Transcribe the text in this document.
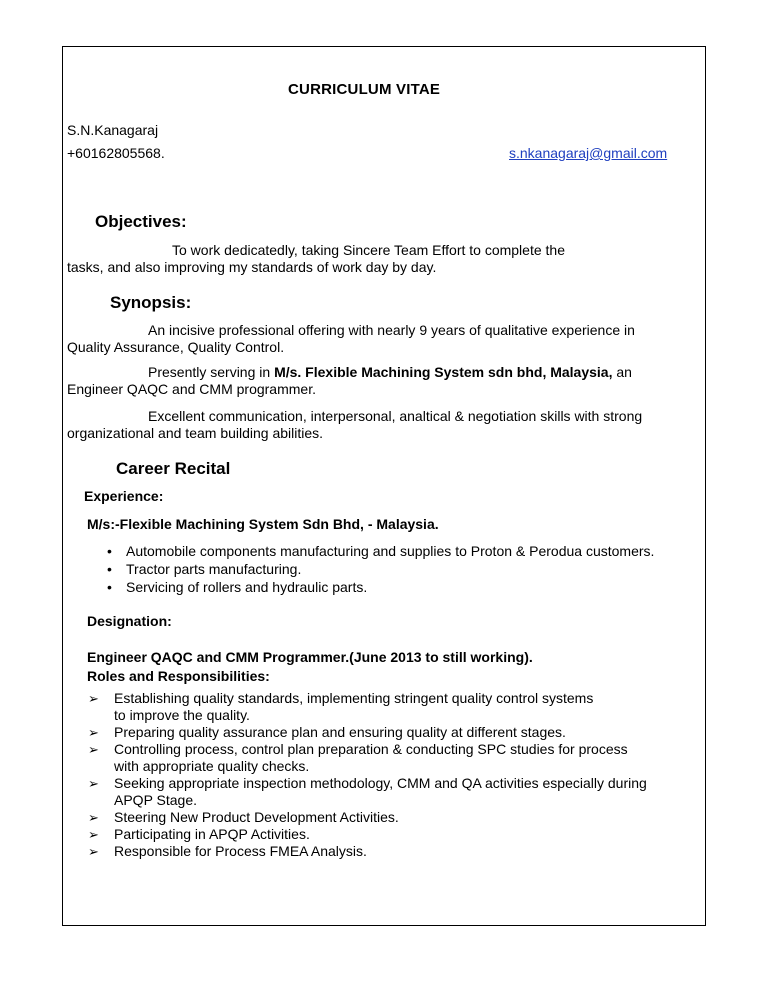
CURRICULUM VITAE
S.N.Kanagaraj
+60162805568.	s.nkanagaraj@gmail.com
Objectives:
To work dedicatedly, taking Sincere Team Effort to complete the
tasks, and also improving my standards of work day by day.
Synopsis:
An incisive professional offering with nearly 9 years of qualitative experience in
Quality Assurance, Quality Control.
Presently serving in M/s. Flexible Machining System sdn bhd, Malaysia, an
Engineer QAQC and CMM programmer.
Excellent communication, interpersonal, analtical & negotiation skills with strong
organizational and team building abilities.
Career Recital
Experience:
M/s:-Flexible Machining System Sdn Bhd, - Malaysia.
• Automobile components manufacturing and supplies to Proton & Perodua customers.
• Tractor parts manufacturing.
• Servicing of rollers and hydraulic parts.
Designation:
Engineer QAQC and CMM Programmer.(June 2013 to still working).
Roles and Responsibilities:
➢ Establishing quality standards, implementing stringent quality control systems
to improve the quality.
➢ Preparing quality assurance plan and ensuring quality at different stages.
➢ Controlling process, control plan preparation & conducting SPC studies for process
with appropriate quality checks.
➢ Seeking appropriate inspection methodology, CMM and QA activities especially during
APQP Stage.
➢ Steering New Product Development Activities.
➢ Participating in APQP Activities.
➢ Responsible for Process FMEA Analysis.
